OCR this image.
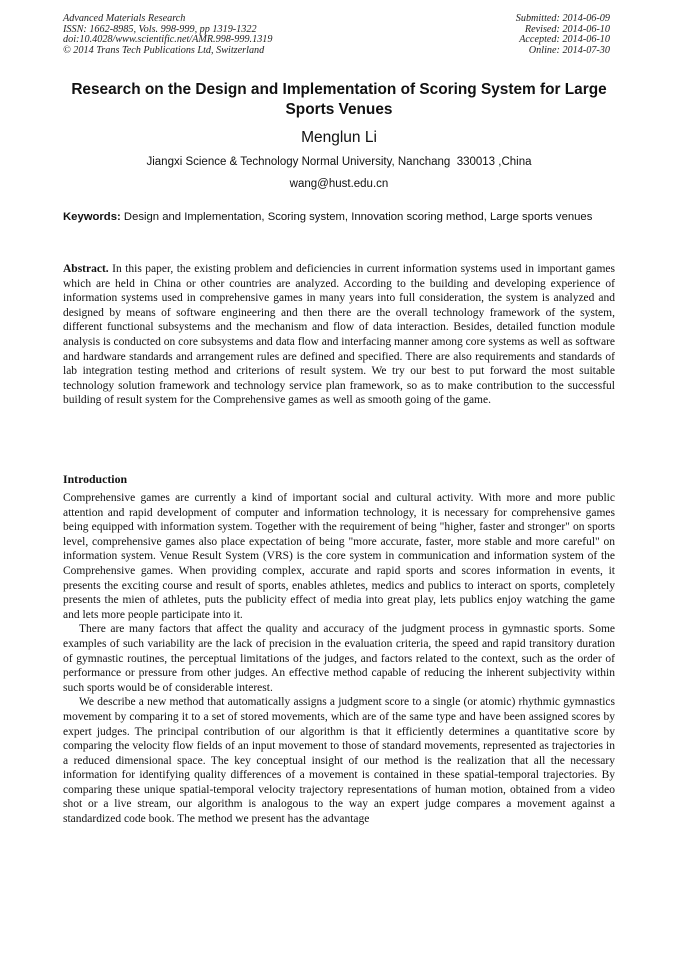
Advanced Materials Research
ISSN: 1662-8985, Vols. 998-999, pp 1319-1322
doi:10.4028/www.scientific.net/AMR.998-999.1319
© 2014 Trans Tech Publications Ltd, Switzerland
Submitted: 2014-06-09
Revised: 2014-06-10
Accepted: 2014-06-10
Online: 2014-07-30
Research on the Design and Implementation of Scoring System for Large Sports Venues
Menglun Li
Jiangxi Science & Technology Normal University, Nanchang  330013 ,China
wang@hust.edu.cn
Keywords: Design and Implementation, Scoring system, Innovation scoring method, Large sports venues
Abstract. In this paper, the existing problem and deficiencies in current information systems used in important games which are held in China or other countries are analyzed. According to the building and developing experience of information systems used in comprehensive games in many years into full consideration, the system is analyzed and designed by means of software engineering and then there are the overall technology framework of the system, different functional subsystems and the mechanism and flow of data interaction. Besides, detailed function module analysis is conducted on core subsystems and data flow and interfacing manner among core systems as well as software and hardware standards and arrangement rules are defined and specified. There are also requirements and standards of lab integration testing method and criterions of result system. We try our best to put forward the most suitable technology solution framework and technology service plan framework, so as to make contribution to the successful building of result system for the Comprehensive games as well as smooth going of the game.
Introduction

Comprehensive games are currently a kind of important social and cultural activity. With more and more public attention and rapid development of computer and information technology, it is necessary for comprehensive games being equipped with information system. Together with the requirement of being "higher, faster and stronger" on sports level, comprehensive games also place expectation of being "more accurate, faster, more stable and more careful" on information system. Venue Result System (VRS) is the core system in communication and information system of the Comprehensive games. When providing complex, accurate and rapid sports and scores information in events, it presents the exciting course and result of sports, enables athletes, medics and publics to interact on sports, completely presents the mien of athletes, puts the publicity effect of media into great play, lets publics enjoy watching the game and lets more people participate into it.

There are many factors that affect the quality and accuracy of the judgment process in gymnastic sports. Some examples of such variability are the lack of precision in the evaluation criteria, the speed and rapid transitory duration of gymnastic routines, the perceptual limitations of the judges, and factors related to the context, such as the order of performance or pressure from other judges. An effective method capable of reducing the inherent subjectivity within such sports would be of considerable interest.

We describe a new method that automatically assigns a judgment score to a single (or atomic) rhythmic gymnastics movement by comparing it to a set of stored movements, which are of the same type and have been assigned scores by expert judges. The principal contribution of our algorithm is that it efficiently determines a quantitative score by comparing the velocity flow fields of an input movement to those of standard movements, represented as trajectories in a reduced dimensional space. The key conceptual insight of our method is the realization that all the necessary information for identifying quality differences of a movement is contained in these spatial-temporal trajectories. By comparing these unique spatial-temporal velocity trajectory representations of human motion, obtained from a video shot or a live stream, our algorithm is analogous to the way an expert judge compares a movement against a standardized code book. The method we present has the advantage
